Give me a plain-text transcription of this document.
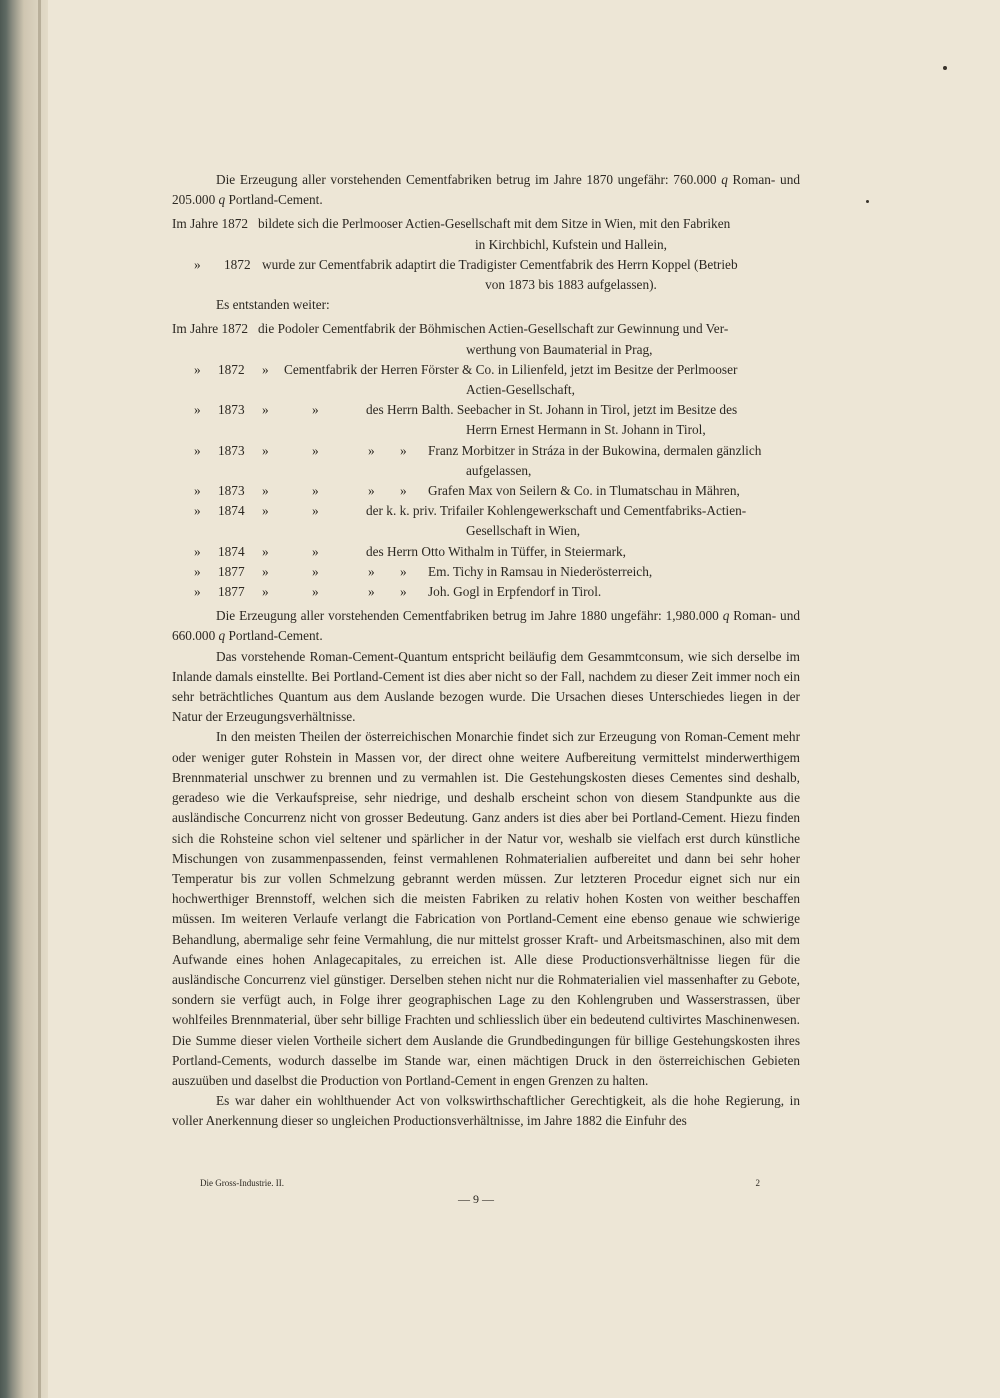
Die Erzeugung aller vorstehenden Cementfabriken betrug im Jahre 1870 ungefähr: 760.000 q Roman- und 205.000 q Portland-Cement.

Im Jahre 1872 bildete sich die Perlmooser Actien-Gesellschaft mit dem Sitze in Wien, mit den Fabriken
in Kirchbichl, Kufstein und Hallein,
»	1872 wurde zur Cementfabrik adaptirt die Tradigister Cementfabrik des Herrn Koppel (Betrieb
von 1873 bis 1883 aufgelassen).

Es entstanden weiter:

Im Jahre 1872 die Podoler Cementfabrik der Böhmischen Actien-Gesellschaft zur Gewinnung und Ver-
werthung von Baumaterial in Prag,
»	1872	»	Cementfabrik der Herren Förster & Co. in Lilienfeld, jetzt im Besitze der Perlmooser
Actien-Gesellschaft,
»	1873	»	»	des Herrn Balth. Seebacher in St. Johann in Tirol, jetzt im Besitze des
Herrn Ernest Hermann in St. Johann in Tirol,
»	1873	»	»	»	»	Franz Morbitzer in Stráza in der Bukowina, dermalen gänzlich
aufgelassen,
»	1873	»	»	»	»	Grafen Max von Seilern & Co. in Tlumatschau in Mähren,
»	1874	»	»	der k. k. priv. Trifailer Kohlengewerkschaft und Cementfabriks-Actien-
Gesellschaft in Wien,
»	1874	»	»	des Herrn Otto Withalm in Tüffer, in Steiermark,
»	1877	»	»	»	»	Em. Tichy in Ramsau in Niederösterreich,
»	1877	»	»	»	»	Joh. Gogl in Erpfendorf in Tirol.

Die Erzeugung aller vorstehenden Cementfabriken betrug im Jahre 1880 ungefähr: 1,980.000 q Roman- und 660.000 q Portland-Cement.

Das vorstehende Roman-Cement-Quantum entspricht beiläufig dem Gesammtconsum, wie sich derselbe im Inlande damals einstellte. Bei Portland-Cement ist dies aber nicht so der Fall, nachdem zu dieser Zeit immer noch ein sehr beträchtliches Quantum aus dem Auslande bezogen wurde. Die Ursachen dieses Unterschiedes liegen in der Natur der Erzeugungsverhältnisse.

In den meisten Theilen der österreichischen Monarchie findet sich zur Erzeugung von Roman-Cement mehr oder weniger guter Rohstein in Massen vor, der direct ohne weitere Aufbereitung vermittelst minderwerthigem Brennmaterial unschwer zu brennen und zu vermahlen ist. Die Gestehungskosten dieses Cementes sind deshalb, geradeso wie die Verkaufspreise, sehr niedrige, und deshalb erscheint schon von diesem Standpunkte aus die ausländische Concurrenz nicht von grosser Bedeutung. Ganz anders ist dies aber bei Portland-Cement. Hiezu finden sich die Rohsteine schon viel seltener und spärlicher in der Natur vor, weshalb sie vielfach erst durch künstliche Mischungen von zusammenpassenden, feinst vermahlenen Rohmaterialien aufbereitet und dann bei sehr hoher Temperatur bis zur vollen Schmelzung gebrannt werden müssen. Zur letzteren Procedur eignet sich nur ein hochwerthiger Brennstoff, welchen sich die meisten Fabriken zu relativ hohen Kosten von weither beschaffen müssen. Im weiteren Verlaufe verlangt die Fabrication von Portland-Cement eine ebenso genaue wie schwierige Behandlung, abermalige sehr feine Vermahlung, die nur mittelst grosser Kraft- und Arbeitsmaschinen, also mit dem Aufwande eines hohen Anlagecapitales, zu erreichen ist. Alle diese Productionsverhältnisse liegen für die ausländische Concurrenz viel günstiger. Derselben stehen nicht nur die Rohmaterialien viel massenhafter zu Gebote, sondern sie verfügt auch, in Folge ihrer geographischen Lage zu den Kohlengruben und Wasserstrassen, über wohlfeiles Brennmaterial, über sehr billige Frachten und schliesslich über ein bedeutend cultivirtes Maschinenwesen. Die Summe dieser vielen Vortheile sichert dem Auslande die Grundbedingungen für billige Gestehungskosten ihres Portland-Cements, wodurch dasselbe im Stande war, einen mächtigen Druck in den österreichischen Gebieten auszuüben und daselbst die Production von Portland-Cement in engen Grenzen zu halten.

Es war daher ein wohlthuender Act von volkswirthschaftlicher Gerechtigkeit, als die hohe Regierung, in voller Anerkennung dieser so ungleichen Productionsverhältnisse, im Jahre 1882 die Einfuhr des

Die Gross-Industrie. II.	2
— 9 —
